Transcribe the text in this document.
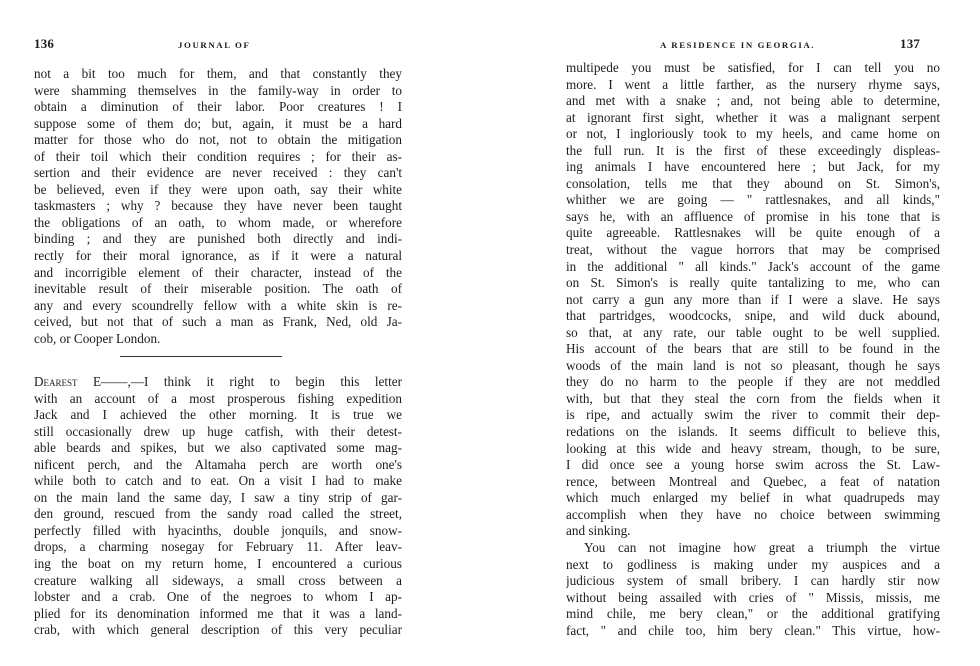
136	JOURNAL OF
not a bit too much for them, and that constantly they
were shamming themselves in the family-way in order to
obtain a diminution of their labor. Poor creatures ! I
suppose some of them do; but, again, it must be a hard
matter for those who do not, not to obtain the mitigation
of their toil which their condition requires ; for their as-
sertion and their evidence are never received : they can't
be believed, even if they were upon oath, say their white
taskmasters ; why ? because they have never been taught
the obligations of an oath, to whom made, or wherefore
binding ; and they are punished both directly and indi-
rectly for their moral ignorance, as if it were a natural
and incorrigible element of their character, instead of the
inevitable result of their miserable position. The oath of
any and every scoundrelly fellow with a white skin is re-
ceived, but not that of such a man as Frank, Ned, old Ja-
cob, or Cooper London.
Dearest E——,—I think it right to begin this letter
with an account of a most prosperous fishing expedition
Jack and I achieved the other morning. It is true we
still occasionally drew up huge catfish, with their detest-
able beards and spikes, but we also captivated some mag-
nificent perch, and the Altamaha perch are worth one's
while both to catch and to eat. On a visit I had to make
on the main land the same day, I saw a tiny strip of gar-
den ground, rescued from the sandy road called the street,
perfectly filled with hyacinths, double jonquils, and snow-
drops, a charming nosegay for February 11. After leav-
ing the boat on my return home, I encountered a curious
creature walking all sideways, a small cross between a
lobster and a crab. One of the negroes to whom I ap-
plied for its denomination informed me that it was a land-
crab, with which general description of this very peculiar
137
A RESIDENCE IN GEORGIA.
multipede you must be satisfied, for I can tell you no
more. I went a little farther, as the nursery rhyme says,
and met with a snake ; and, not being able to determine,
at ignorant first sight, whether it was a malignant serpent
or not, I ingloriously took to my heels, and came home on
the full run. It is the first of these exceedingly displeas-
ing animals I have encountered here ; but Jack, for my
consolation, tells me that they abound on St. Simon's,
whither we are going — " rattlesnakes, and all kinds,"
says he, with an affluence of promise in his tone that is
quite agreeable. Rattlesnakes will be quite enough of a
treat, without the vague horrors that may be comprised
in the additional " all kinds." Jack's account of the game
on St. Simon's is really quite tantalizing to me, who can
not carry a gun any more than if I were a slave. He says
that partridges, woodcocks, snipe, and wild duck abound,
so that, at any rate, our table ought to be well supplied.
His account of the bears that are still to be found in the
woods of the main land is not so pleasant, though he says
they do no harm to the people if they are not meddled
with, but that they steal the corn from the fields when it
is ripe, and actually swim the river to commit their dep-
redations on the islands. It seems difficult to believe this,
looking at this wide and heavy stream, though, to be sure,
I did once see a young horse swim across the St. Law-
rence, between Montreal and Quebec, a feat of natation
which much enlarged my belief in what quadrupeds may
accomplish when they have no choice between swimming
and sinking.
You can not imagine how great a triumph the virtue
next to godliness is making under my auspices and a
judicious system of small bribery. I can hardly stir now
without being assailed with cries of " Missis, missis, me
mind chile, me bery clean," or the additional gratifying
fact, " and chile too, him bery clean." This virtue, how-
